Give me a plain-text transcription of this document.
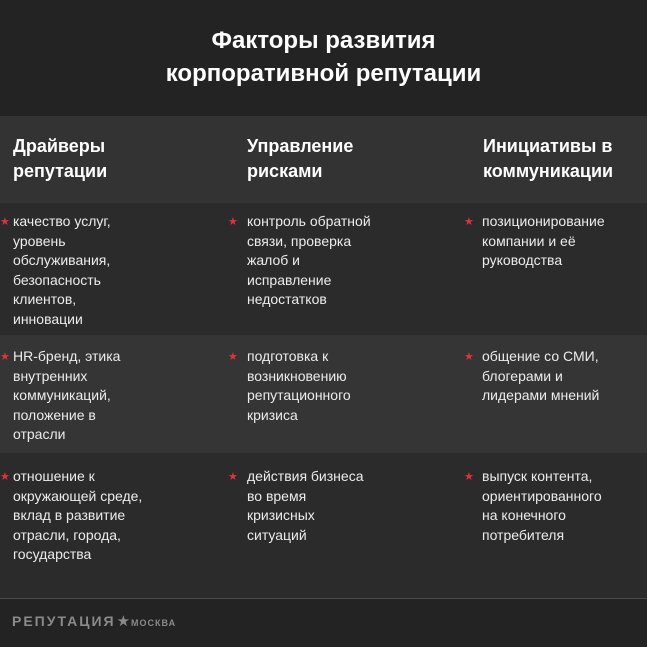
Факторы развития
корпоративной репутации
Драйверы
репутации
Управление
рисками
Инициативы в
коммуникации
★ качество услуг,
уровень
обслуживания,
безопасность
клиентов,
инновации
★ HR-бренд, этика
внутренних
коммуникаций,
положение в
отрасли
★ отношение к
окружающей среде,
вклад в развитие
отрасли, города,
государства
★ контроль обратной
связи, проверка
жалоб и
исправление
недостатков
★ подготовка к
возникновению
репутационного
кризиса
★ действия бизнеса
во время
кризисных
ситуаций
★ позиционирование
компании и её
руководства
★ общение со СМИ,
блогерами и
лидерами мнений
★ выпуск контента,
ориентированного
на конечного
потребителя
РЕПУТАЦИЯ★МОСКВА
